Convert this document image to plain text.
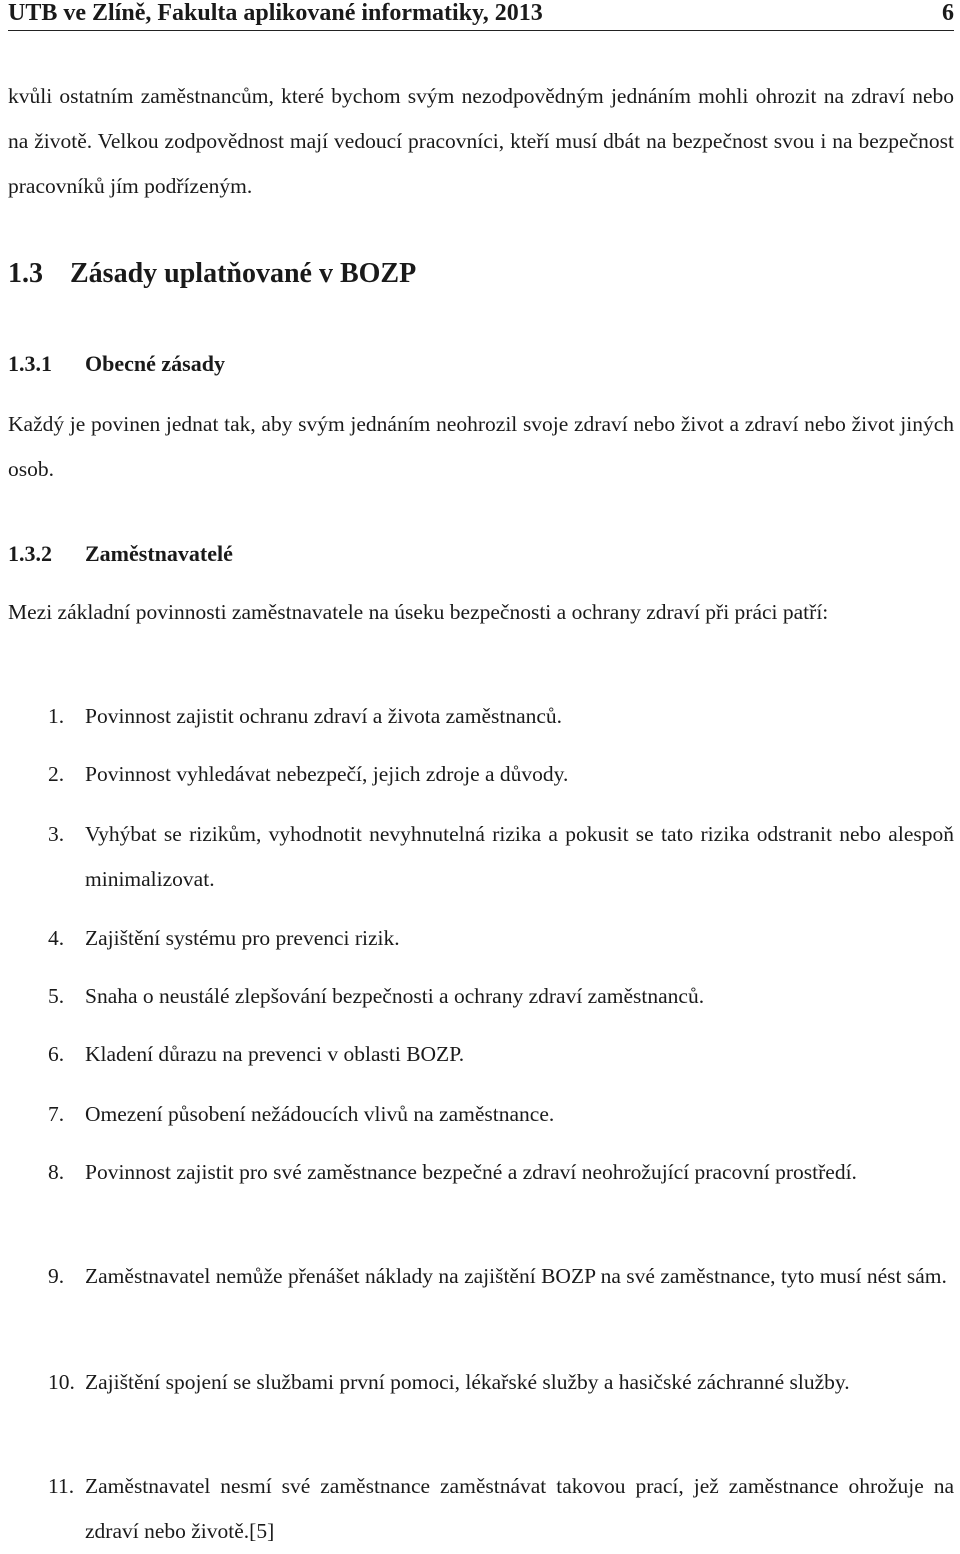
UTB ve Zlíně, Fakulta aplikované informatiky, 2013	6

kvůli ostatním zaměstnancům, které bychom svým nezodpovědným jednáním mohli ohrozit na zdraví nebo na životě. Velkou zodpovědnost mají vedoucí pracovníci, kteří musí dbát na bezpečnost svou i na bezpečnost pracovníků jím podřízeným.

1.3 Zásady uplatňované v BOZP
1.3.1 Obecné zásady

Každý je povinen jednat tak, aby svým jednáním neohrozil svoje zdraví nebo život a zdraví nebo život jiných osob.

1.3.2 Zaměstnavatelé

Mezi základní povinnosti zaměstnavatele na úseku bezpečnosti a ochrany zdraví při práci patří:

1. Povinnost zajistit ochranu zdraví a života zaměstnanců.
2. Povinnost vyhledávat nebezpečí, jejich zdroje a důvody.
3. Vyhýbat se rizikům, vyhodnotit nevyhnutelná rizika a pokusit se tato rizika odstranit nebo alespoň minimalizovat.
4. Zajištění systému pro prevenci rizik.
5. Snaha o neustálé zlepšování bezpečnosti a ochrany zdraví zaměstnanců.
6. Kladení důrazu na prevenci v oblasti BOZP.
7. Omezení působení nežádoucích vlivů na zaměstnance.
8. Povinnost zajistit pro své zaměstnance bezpečné a zdraví neohrožující pracovní prostředí.
9. Zaměstnavatel nemůže přenášet náklady na zajištění BOZP na své zaměstnance, tyto musí nést sám.
10. Zajištění spojení se službami první pomoci, lékařské služby a hasičské záchranné služby.
11. Zaměstnavatel nesmí své zaměstnance zaměstnávat takovou prací, jež zaměstnance ohrožuje na zdraví nebo životě.[5]
